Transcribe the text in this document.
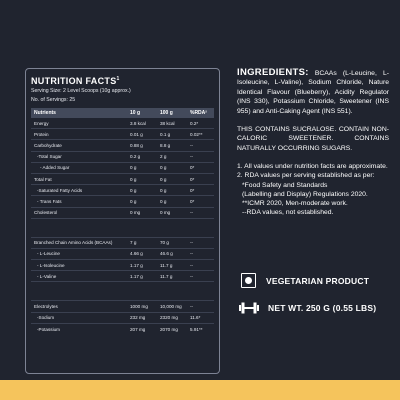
NUTRITION FACTS$^1$
Serving Size: 2 Level Scoops (10g approx.)
No. of Servings: 25
Nutrients	10 g	100 g	%RDA²
Energy	3.8 kcal	38 kcal	0.2*
Protein	0.01 g	0.1 g	0.02**
Carbohydrate	0.88 g	8.8 g	--
-Total Sugar	0.2 g	2 g	--
- Added Sugar	0 g	0 g	0*
Total Fat	0 g	0 g	0*
-Saturated Fatty Acids	0 g	0 g	0*
- Trans Fats	0 g	0 g	0*
Cholesterol	0 mg	0 mg	--
Branched Chain Amino Acids (BCAAs)	7 g	70 g	--
- L-Leucine	4.66 g	46.6 g	--
- L-Isoleucine	1.17 g	11.7 g	--
- L-Valine	1.17 g	11.7 g	--
Electrolytes	1000 mg	10,000 mg	--
-Sodium	232 mg	2320 mg	11.6*
-Potassium	207 mg	2070 mg	5.91**

INGREDIENTS: BCAAs (L-Leucine, L-Isoleucine, L-Valine), Sodium Chloride, Nature Identical Flavour (Blueberry), Acidity Regulator (INS 330), Potassium Chloride, Sweetener (INS 955) and Anti-Caking Agent (INS 551).

THIS CONTAINS SUCRALOSE. CONTAIN NON-CALORIC SWEETENER. CONTAINS NATURALLY OCCURRING SUGARS.

1. All values under nutrition facts are approximate.
2. RDA values per serving established as per:
*Food Safety and Standards
(Labelling and Display) Regulations 2020.
**ICMR 2020, Men-moderate work.
--RDA values, not established.
VEGETARIAN PRODUCT
NET WT. 250 G (0.55 LBS)
